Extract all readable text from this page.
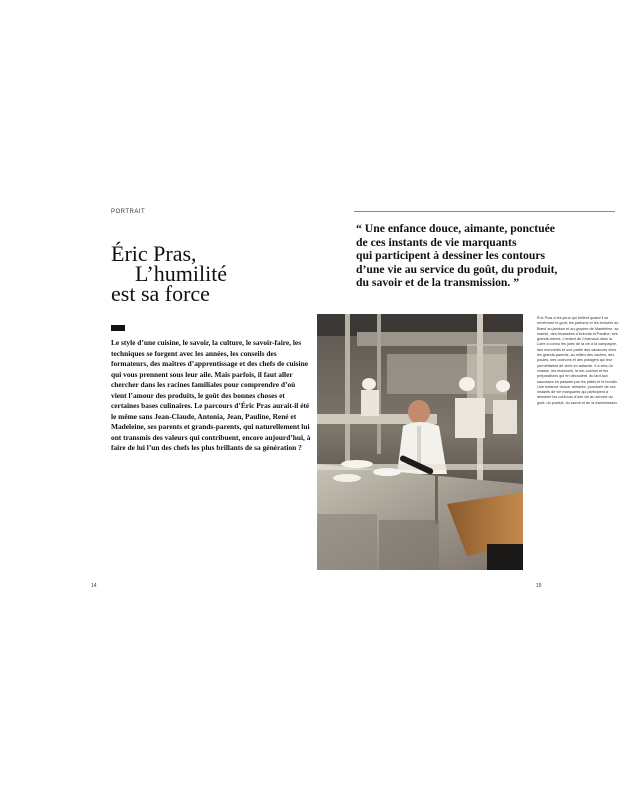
PORTRAIT
Éric Pras,
L’humilité
est sa force

Le style d’une cuisine, le savoir, la culture, le savoir-faire, les techniques se forgent avec les années, les conseils des formateurs, des maîtres d’apprentissage et des chefs de cuisine qui vous prennent sous leur aile. Mais parfois, il faut aller chercher dans les racines familiales pour comprendre d’où vient l’amour des produits, le goût des bonnes choses et certaines bases culinaires. Le parcours d’Éric Pras aurait-il été le même sans Jean-Claude, Antonia, Jean, Pauline, René et Madeleine, ses parents et grands-parents, qui naturellement lui ont transmis des valeurs qui contribuent, encore aujourd’hui, à faire de lui l’un des chefs les plus brillants de sa génération ?

14	15

“ Une enfance douce, aimante, ponctuée
de ces instants de vie marquants
qui participent à dessiner les contours
d’une vie au service du goût, du produit,
du savoir et de la transmission. ”

Éric Pras a les yeux qui brillent quand il se remémore le goût, les parfums et les textures du Bœuf au jambon et au gruyère de Madeleine, sa mamie, des fricassées d’Antonia et Pauline, ses grands-mères. L’enfant de Charnaux dans la Loire a connu les joies de la vie à la campagne, des mercredis et une partie des vacances chez les grands-parents, au milieu des vaches, des poules, des cochons et des potagers qui leur permettaient de vivre en autarcie. Il a vécu la chasse, les moissons, la tue-cochon et les préparations qui en découlent, du lard aux saucisses en passant par les pâtés et le boudin. Une enfance douce, aimante, ponctuée de ces instants de vie marquants qui participent à dessiner les contours d’une vie au service du goût, du produit, du savoir et de la transmission.
